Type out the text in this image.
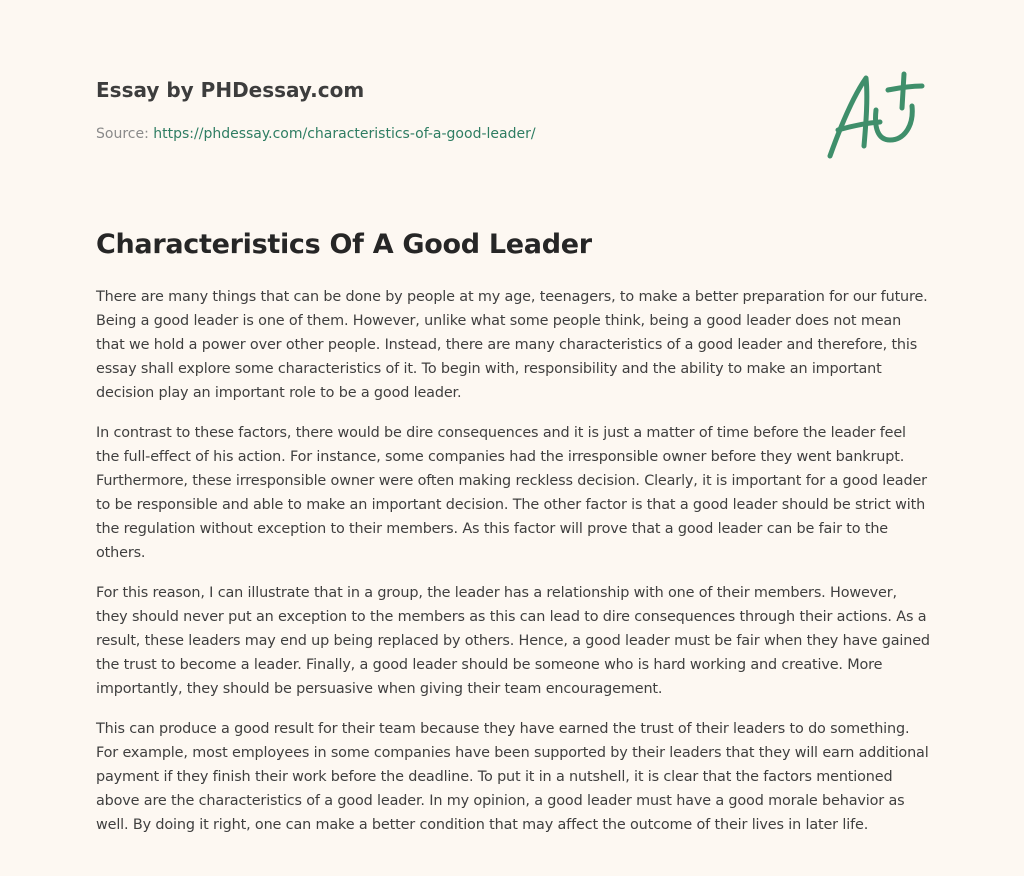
Essay by PHDessay.com
Source: https://phdessay.com/characteristics-of-a-good-leader/
Characteristics Of A Good Leader

There are many things that can be done by people at my age, teenagers, to make a better preparation for our future. Being a good leader is one of them. However, unlike what some people think, being a good leader does not mean that we hold a power over other people. Instead, there are many characteristics of a good leader and therefore, this essay shall explore some characteristics of it. To begin with, responsibility and the ability to make an important decision play an important role to be a good leader.

In contrast to these factors, there would be dire consequences and it is just a matter of time before the leader feel the full-effect of his action. For instance, some companies had the irresponsible owner before they went bankrupt. Furthermore, these irresponsible owner were often making reckless decision. Clearly, it is important for a good leader to be responsible and able to make an important decision. The other factor is that a good leader should be strict with the regulation without exception to their members. As this factor will prove that a good leader can be fair to the others.

For this reason, I can illustrate that in a group, the leader has a relationship with one of their members. However, they should never put an exception to the members as this can lead to dire consequences through their actions. As a result, these leaders may end up being replaced by others. Hence, a good leader must be fair when they have gained the trust to become a leader. Finally, a good leader should be someone who is hard working and creative. More importantly, they should be persuasive when giving their team encouragement.

This can produce a good result for their team because they have earned the trust of their leaders to do something. For example, most employees in some companies have been supported by their leaders that they will earn additional payment if they finish their work before the deadline. To put it in a nutshell, it is clear that the factors mentioned above are the characteristics of a good leader. In my opinion, a good leader must have a good morale behavior as well. By doing it right, one can make a better condition that may affect the outcome of their lives in later life.
